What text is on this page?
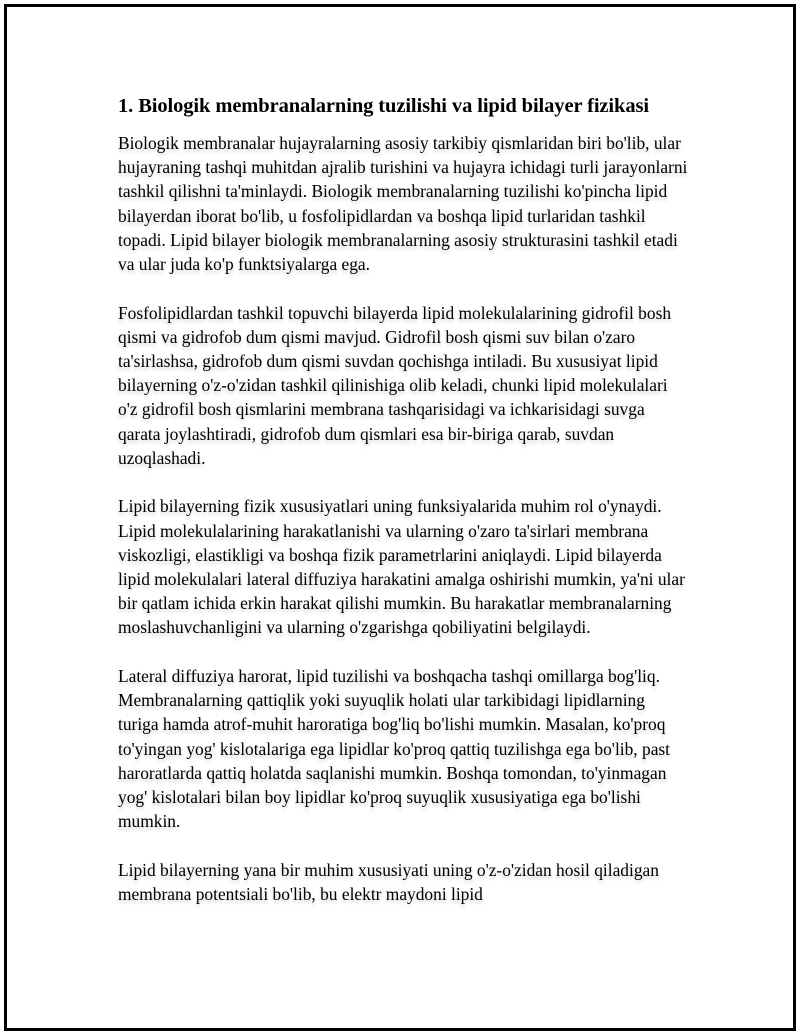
1. Biologik membranalarning tuzilishi va lipid bilayer fizikasi

Biologik membranalar hujayralarning asosiy tarkibiy qismlaridan biri bo'lib, ular hujayraning tashqi muhitdan ajralib turishini va hujayra ichidagi turli jarayonlarni tashkil qilishni ta'minlaydi. Biologik membranalarning tuzilishi ko'pincha lipid bilayerdan iborat bo'lib, u fosfolipidlardan va boshqa lipid turlaridan tashkil topadi. Lipid bilayer biologik membranalarning asosiy strukturasini tashkil etadi va ular juda ko'p funktsiyalarga ega.

Fosfolipidlardan tashkil topuvchi bilayerda lipid molekulalarining gidrofil bosh qismi va gidrofob dum qismi mavjud. Gidrofil bosh qismi suv bilan o'zaro ta'sirlashsa, gidrofob dum qismi suvdan qochishga intiladi. Bu xususiyat lipid bilayerning o'z-o'zidan tashkil qilinishiga olib keladi, chunki lipid molekulalari o'z gidrofil bosh qismlarini membrana tashqarisidagi va ichkarisidagi suvga qarata joylashtiradi, gidrofob dum qismlari esa bir-biriga qarab, suvdan uzoqlashadi.

Lipid bilayerning fizik xususiyatlari uning funksiyalarida muhim rol o'ynaydi. Lipid molekulalarining harakatlanishi va ularning o'zaro ta'sirlari membrana viskozligi, elastikligi va boshqa fizik parametrlarini aniqlaydi. Lipid bilayerda lipid molekulalari lateral diffuziya harakatini amalga oshirishi mumkin, ya'ni ular bir qatlam ichida erkin harakat qilishi mumkin. Bu harakatlar membranalarning moslashuvchanligini va ularning o'zgarishga qobiliyatini belgilaydi.

Lateral diffuziya harorat, lipid tuzilishi va boshqacha tashqi omillarga bog'liq. Membranalarning qattiqlik yoki suyuqlik holati ular tarkibidagi lipidlarning turiga hamda atrof-muhit haroratiga bog'liq bo'lishi mumkin. Masalan, ko'proq to'yingan yog' kislotalariga ega lipidlar ko'proq qattiq tuzilishga ega bo'lib, past haroratlarda qattiq holatda saqlanishi mumkin. Boshqa tomondan, to'yinmagan yog' kislotalari bilan boy lipidlar ko'proq suyuqlik xususiyatiga ega bo'lishi mumkin.

Lipid bilayerning yana bir muhim xususiyati uning o'z-o'zidan hosil qiladigan membrana potentsiali bo'lib, bu elektr maydoni lipid
